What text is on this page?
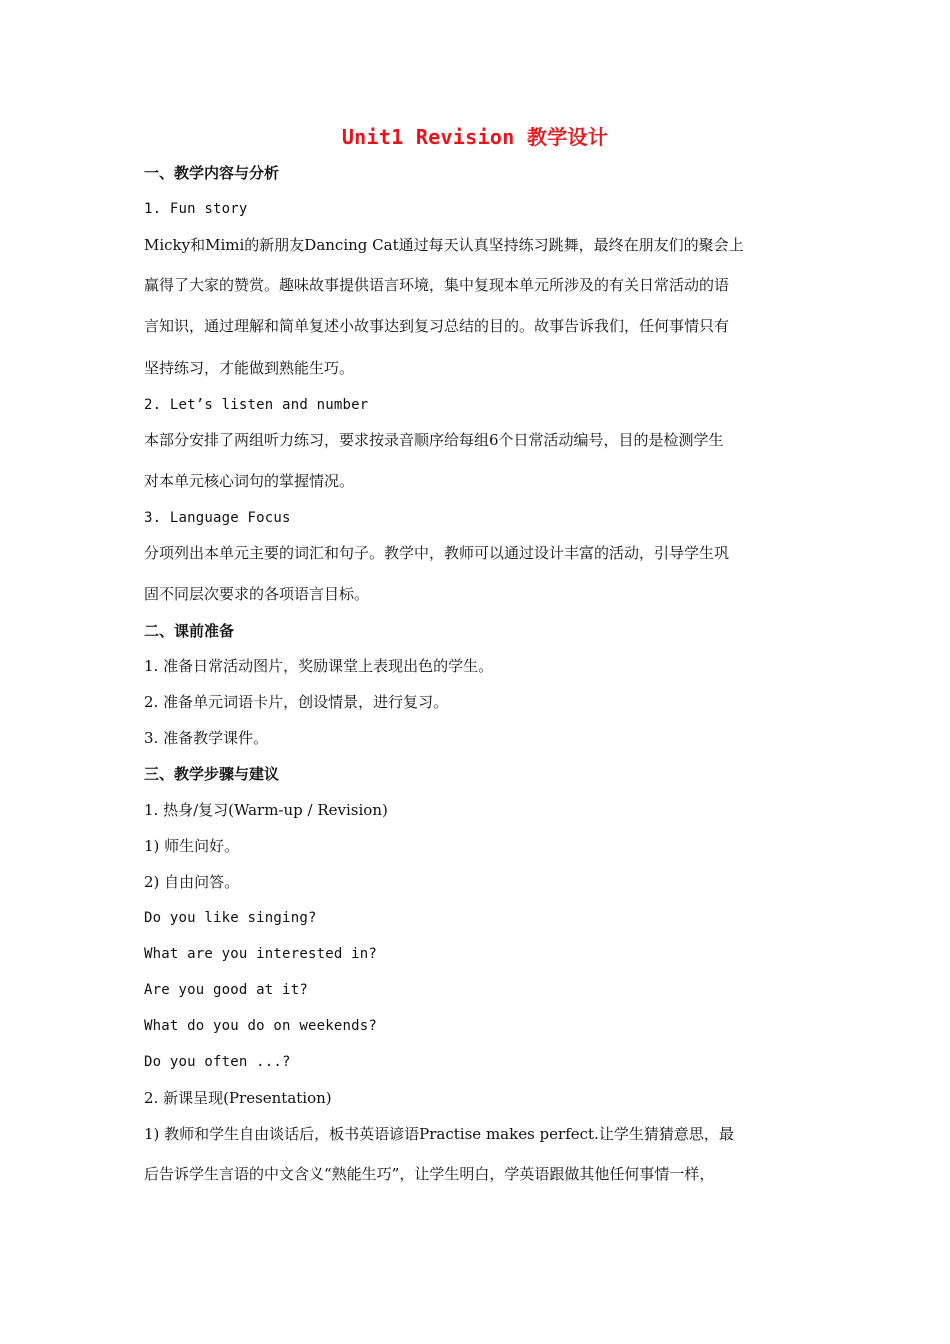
Unit1 Revision 教学设计
一、教学内容与分析
1. Fun story
Micky和Mimi的新朋友Dancing Cat通过每天认真坚持练习跳舞，最终在朋友们的聚会上
赢得了大家的赞赏。趣味故事提供语言环境，集中复现本单元所涉及的有关日常活动的语
言知识，通过理解和简单复述小故事达到复习总结的目的。故事告诉我们，任何事情只有
坚持练习，才能做到熟能生巧。
2. Let’s listen and number
本部分安排了两组听力练习，要求按录音顺序给每组6个日常活动编号，目的是检测学生
对本单元核心词句的掌握情况。
3. Language Focus
分项列出本单元主要的词汇和句子。教学中，教师可以通过设计丰富的活动，引导学生巩
固不同层次要求的各项语言目标。
二、课前准备
1. 准备日常活动图片，奖励课堂上表现出色的学生。
2. 准备单元词语卡片，创设情景，进行复习。
3. 准备教学课件。
三、教学步骤与建议
1. 热身/复习(Warm-up / Revision)
1) 师生问好。
2) 自由问答。
Do you like singing?
What are you interested in?
Are you good at it?
What do you do on weekends?
Do you often ...?
2. 新课呈现(Presentation)
1) 教师和学生自由谈话后，板书英语谚语Practise makes perfect.让学生猜猜意思，最
后告诉学生言语的中文含义“熟能生巧”，让学生明白，学英语跟做其他任何事情一样，
